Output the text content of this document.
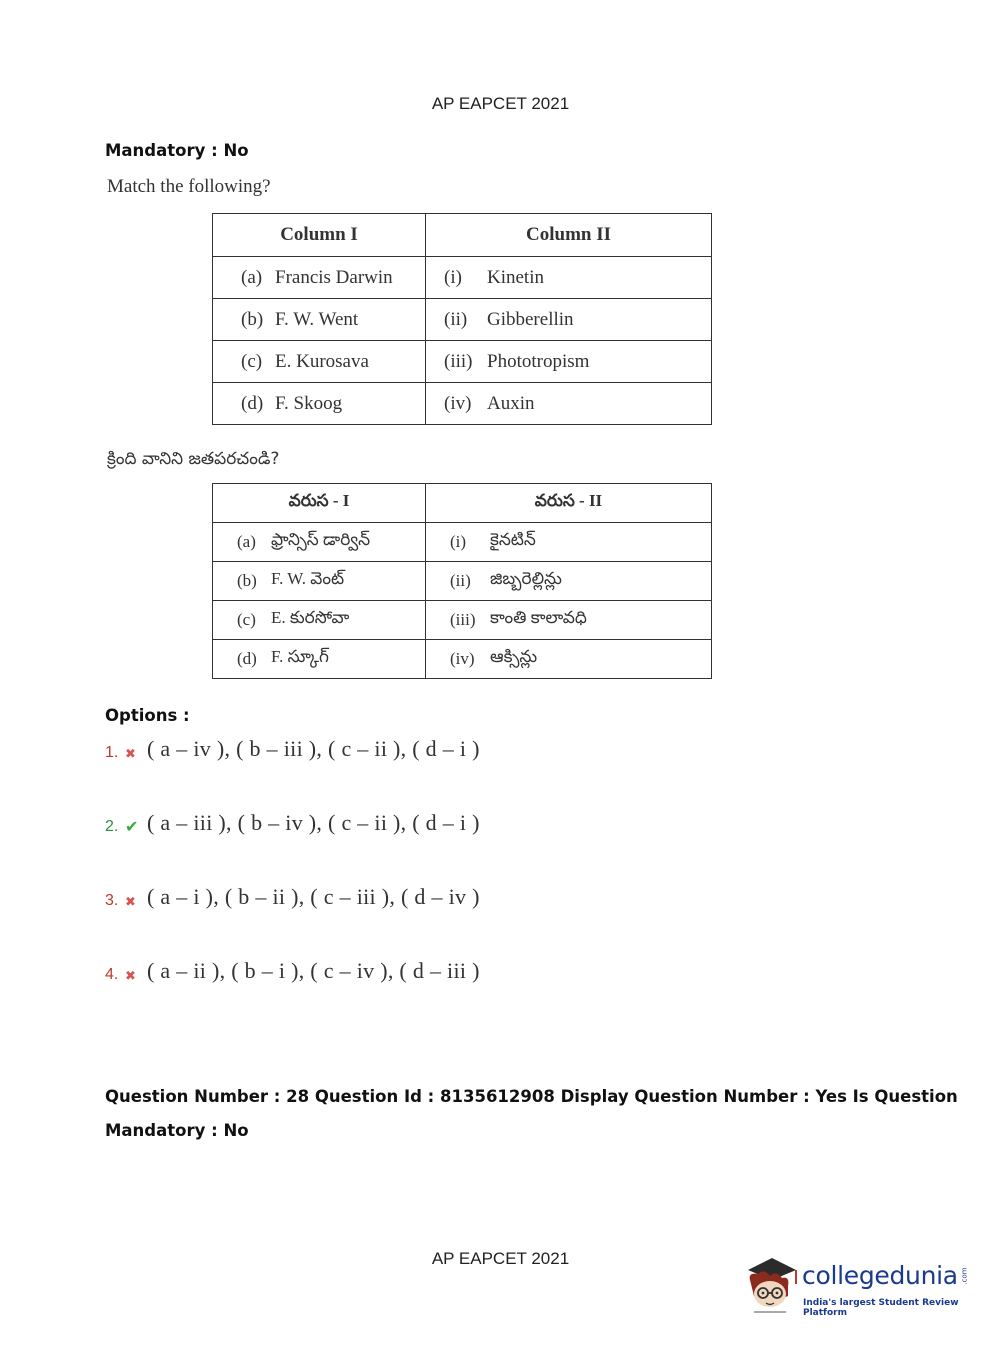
AP EAPCET 2021
Mandatory : No
Match the following?
Column I	Column II

(a) Francis Darwin	(i) Kinetin

(b) F. W. Went	(ii) Gibberellin

(c) E. Kurosava	(iii) Phototropism

(d) F. Skoog	(iv) Auxin
క్రింది వానిని జతపరచండి?
వరుస - I	వరుస - II

(a) ఫ్రాన్సిస్ డార్విన్	(i) కైనటిన్

(b) F. W. వెంట్	(ii) జిబ్బరెల్లిన్లు

(c) E. కురసోవా	(iii) కాంతి కాలావధి

(d) F. స్కూగ్	(iv) ఆక్సిన్లు
Options :
1. ✖ ( a – iv ), ( b – iii ), ( c – ii ), ( d – i )
2. ✔ ( a – iii ), ( b – iv ), ( c – ii ), ( d – i )
3. ✖ ( a – i ), ( b – ii ), ( c – iii ), ( d – iv )
4. ✖ ( a – ii ), ( b – i ), ( c – iv ), ( d – iii )
Question Number : 28 Question Id : 8135612908 Display Question Number : Yes Is Question
Mandatory : No
AP EAPCET 2021
collegedunia .com
India's largest Student Review Platform
